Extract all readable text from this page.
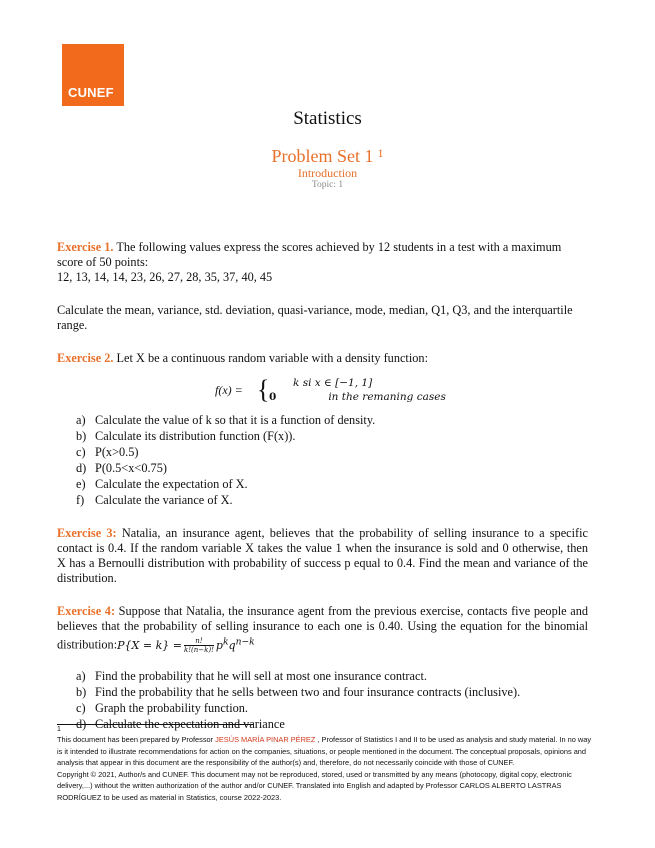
CUNEF
Statistics
Problem Set 1 $^1$
Introduction
Topic: 1

Exercise 1. The following values express the scores achieved by 12 students in a test with a maximum score of 50 points:

12, 13, 14, 14, 23, 26, 27, 28, 35, 37, 40, 45

Calculate the mean, variance, std. deviation, quasi-variance, mode, median, Q1, Q3, and the interquartile range.

Exercise 2. Let X be a continuous random variable with a density function:

f(x) = { k si x ∈ [−1, 1]
0	in the remaning cases
a) Calculate the value of k so that it is a function of density.
b) Calculate its distribution function (F(x)).
c) P(x>0.5)
d) P(0.5<x<0.75)
e) Calculate the expectation of X.
f) Calculate the variance of X.

Exercise 3: Natalia, an insurance agent, believes that the probability of selling insurance to a specific contact is 0.4. If the random variable X takes the value 1 when the insurance is sold and 0 otherwise, then X has a Bernoulli distribution with probability of success p equal to 0.4. Find the mean and variance of the distribution.

Exercise 4: Suppose that Natalia, the insurance agent from the previous exercise, contacts five people and believes that the probability of selling insurance to each one is 0.40. Using the equation for the binomial distribution:P{X = $k\} = \frac{n!}{k!(n-k)!} p^kq^{n-k}$

a) Find the probability that he will sell at most one insurance contract.
b) Find the probability that he sells between two and four insurance contracts (inclusive).
c) Graph the probability function.
d) Calculate the expectation and variance
1
This document has been prepared by Professor JESÚS MARÍA PINAR PÉREZ , Professor of Statistics I and II to be used as analysis and study material. In no way is it intended to illustrate recommendations for action on the companies, situations, or people mentioned in the document. The conceptual proposals, opinions and analysis that appear in this document are the responsibility of the author(s) and, therefore, do not necessarily coincide with those of CUNEF.
Copyright © 2021, Author/s and CUNEF. This document may not be reproduced, stored, used or transmitted by any means (photocopy, digital copy, electronic delivery,...) without the written authorization of the author and/or CUNEF. Translated into English and adapted by Professor CARLOS ALBERTO LASTRAS RODRÍGUEZ to be used as material in Statistics, course 2022-2023.
